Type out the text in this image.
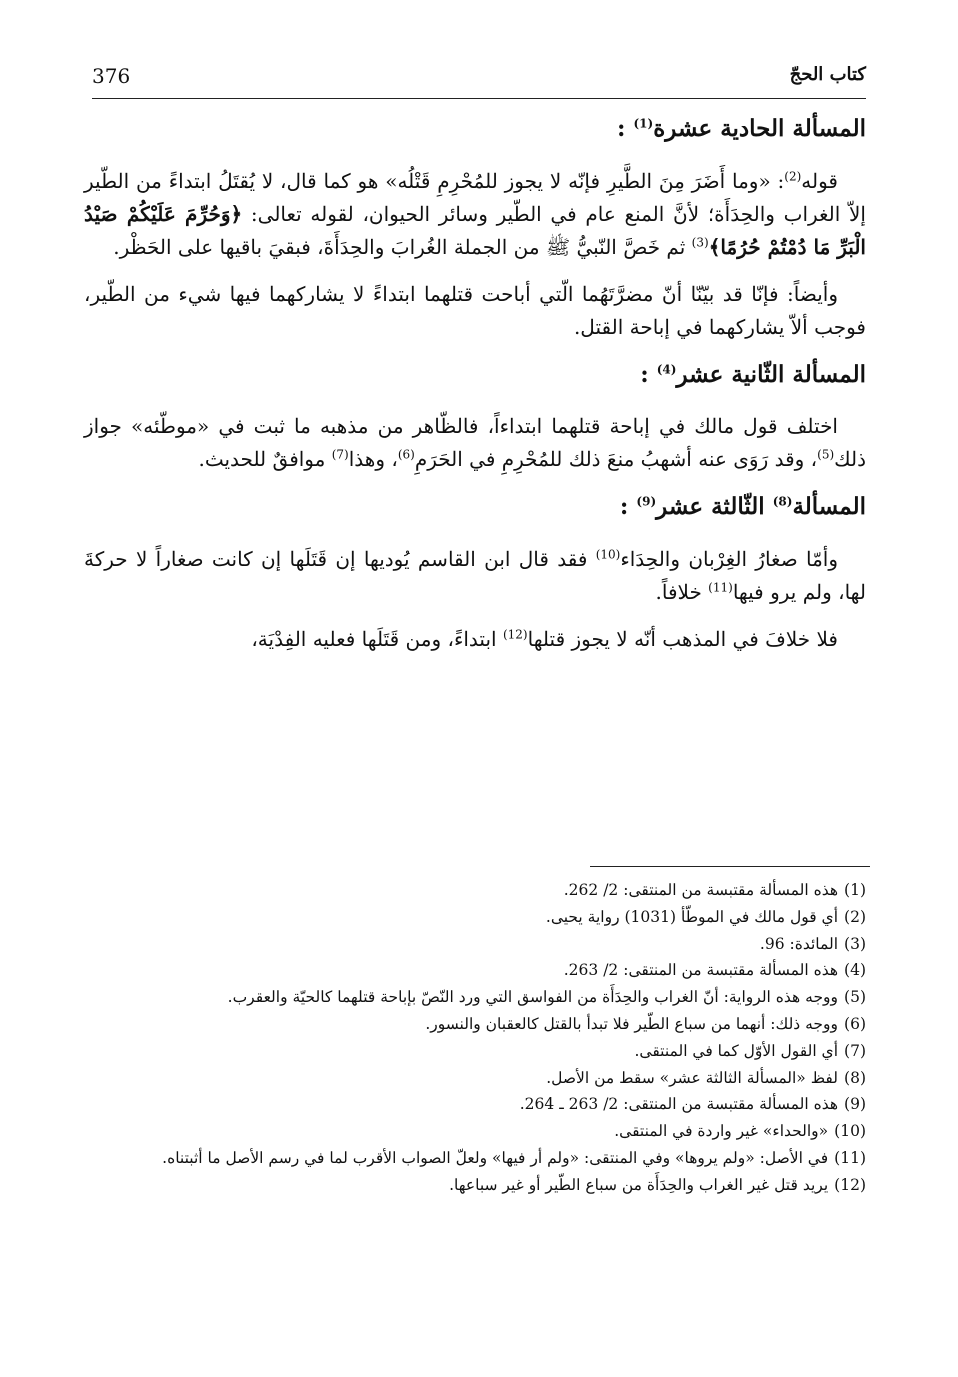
376	كتاب الحجّ
المسألة الحادية عشرة$^{(1)}$ :

قوله$^{(2)}$: «وما أَضَرَ مِنَ الطَّيرِ فإنّه لا يجوز للمُحْرِمِ قَتْلُه» هو كما قال، لا يُقتَلُ ابتداءً من الطّير إلاّ الغراب والحِدَأَة؛ لأنَّ المنع عام في الطّير وسائر الحيوان، لقوله تعالى: ﴿وَحُرِّمَ عَلَيْكُمْ صَيْدُ الْبَرِّ مَا دُمْتُمْ حُرُمًا﴾$^{(3)}$ ثم خَصَّ النّبيُّ ﷺ من الجملة الغُرابَ والحِدَأَةَ، فبقيَ باقيها على الحَظْر.

وأيضاً: فإنّا قد بيّنّا أنّ مضرَّتَهُما الّتي أباحت قتلهما ابتداءً لا يشاركهما فيها شيء من الطّير، فوجب ألاّ يشاركهما في إباحة القتل.

المسألة الثّانية عشر$^{(4)}$ :

اختلف قول مالك في إباحة قتلهما ابتداءاً، فالظّاهر من مذهبه ما ثبت في «موطّئه» جواز ذلك$^{(5)}$، وقد رَوَى عنه أشهبُ منعَ ذلك للمُحْرِمِ في الحَرَمِ$^{(6)}$، وهذا$^{(7)}$ موافقٌ للحديث.

المسألة$^{(8)}$ الثّالثة عشر$^{(9)}$ :

وأمّا صغارُ الغِرْبان والحِدَاء$^{(10)}$ فقد قال ابن القاسم يُوديها إن قَتَلَها إن كانت صغاراً لا حركةَ لها، ولم يرو فيها$^{(11)}$ خلافاً.

فلا خلافَ في المذهب أنّه لا يجوز قتلها$^{(12)}$ ابتداءً، ومن قَتَلَها فعليه الفِدْيَة،

(1)
هذه المسألة مقتبسة من المنتقى: 2/ 262.
(2)
أي قول مالك في الموطّأ (1031) رواية يحيى.
(3)
المائدة: 96.
(4)
هذه المسألة مقتبسة من المنتقى: 2/ 263.
(5)
ووجه هذه الرواية: أنّ الغراب والحِدَأَة من الفواسق التي ورد النّصّ بإباحة قتلهما كالحيّة والعقرب.
(6)
ووجه ذلك: أنهما من سباع الطّير فلا تبدأ بالقتل كالعقبان والنسور.
(7)
أي القول الأوّل كما في المنتقى.
(8)
لفظ «المسألة الثالثة عشر» سقط من الأصل.
(9)
هذه المسألة مقتبسة من المنتقى: 2/ 263 ـ 264.
(10)
«والحداء» غير واردة في المنتقى.
(11)
في الأصل: «ولم يروها» وفي المنتقى: «ولم أر فيها» ولعلّ الصواب الأقرب لما في رسم الأصل ما أثبتناه.
(12)
يريد قتل غير الغراب والحِدَأَة من سباع الطّير أو غير سباعها.
